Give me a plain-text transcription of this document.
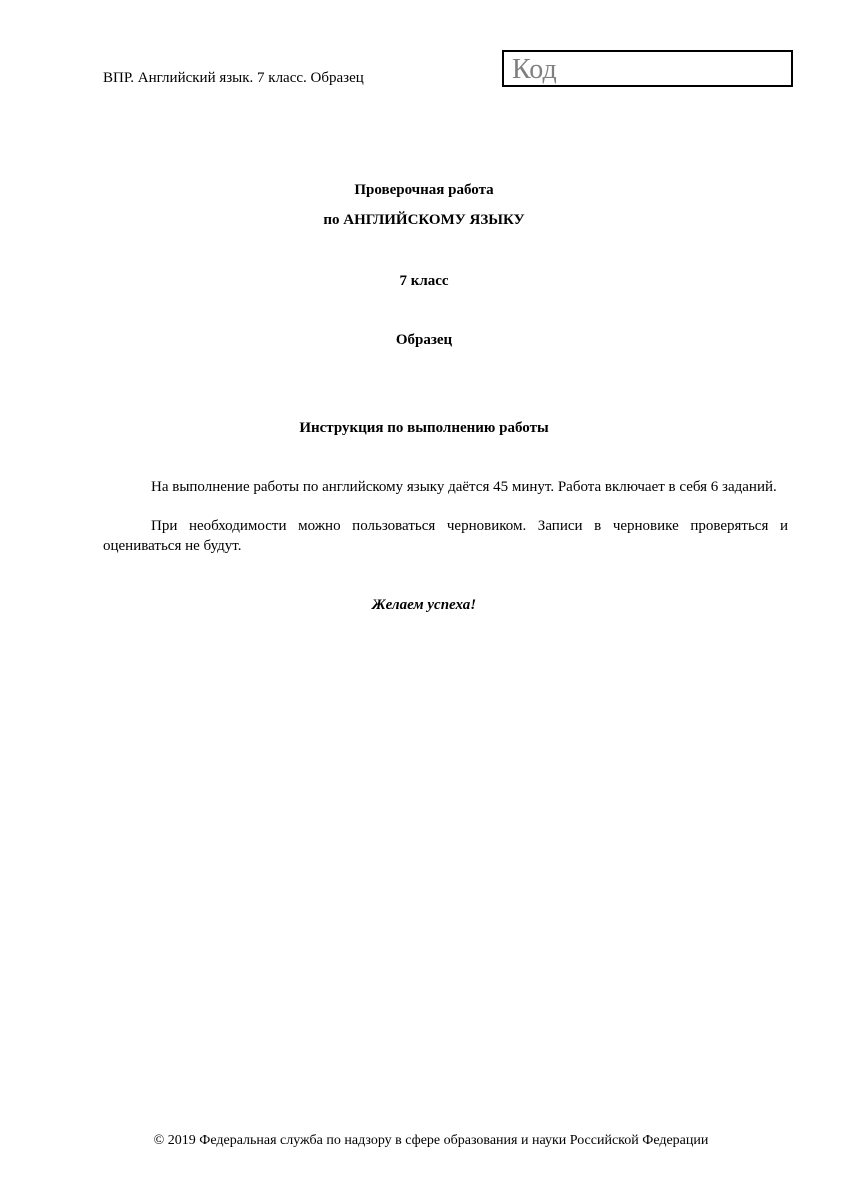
ВПР. Английский язык. 7 класс. Образец	Код
Проверочная работа
по АНГЛИЙСКОМУ ЯЗЫКУ
7 класс
Образец
Инструкция по выполнению работы
На выполнение работы по английскому языку даётся 45 минут. Работа включает в себя 6 заданий.
При необходимости можно пользоваться черновиком. Записи в черновике проверяться и оцениваться не будут.
Желаем успеха!
© 2019 Федеральная служба по надзору в сфере образования и науки Российской Федерации
